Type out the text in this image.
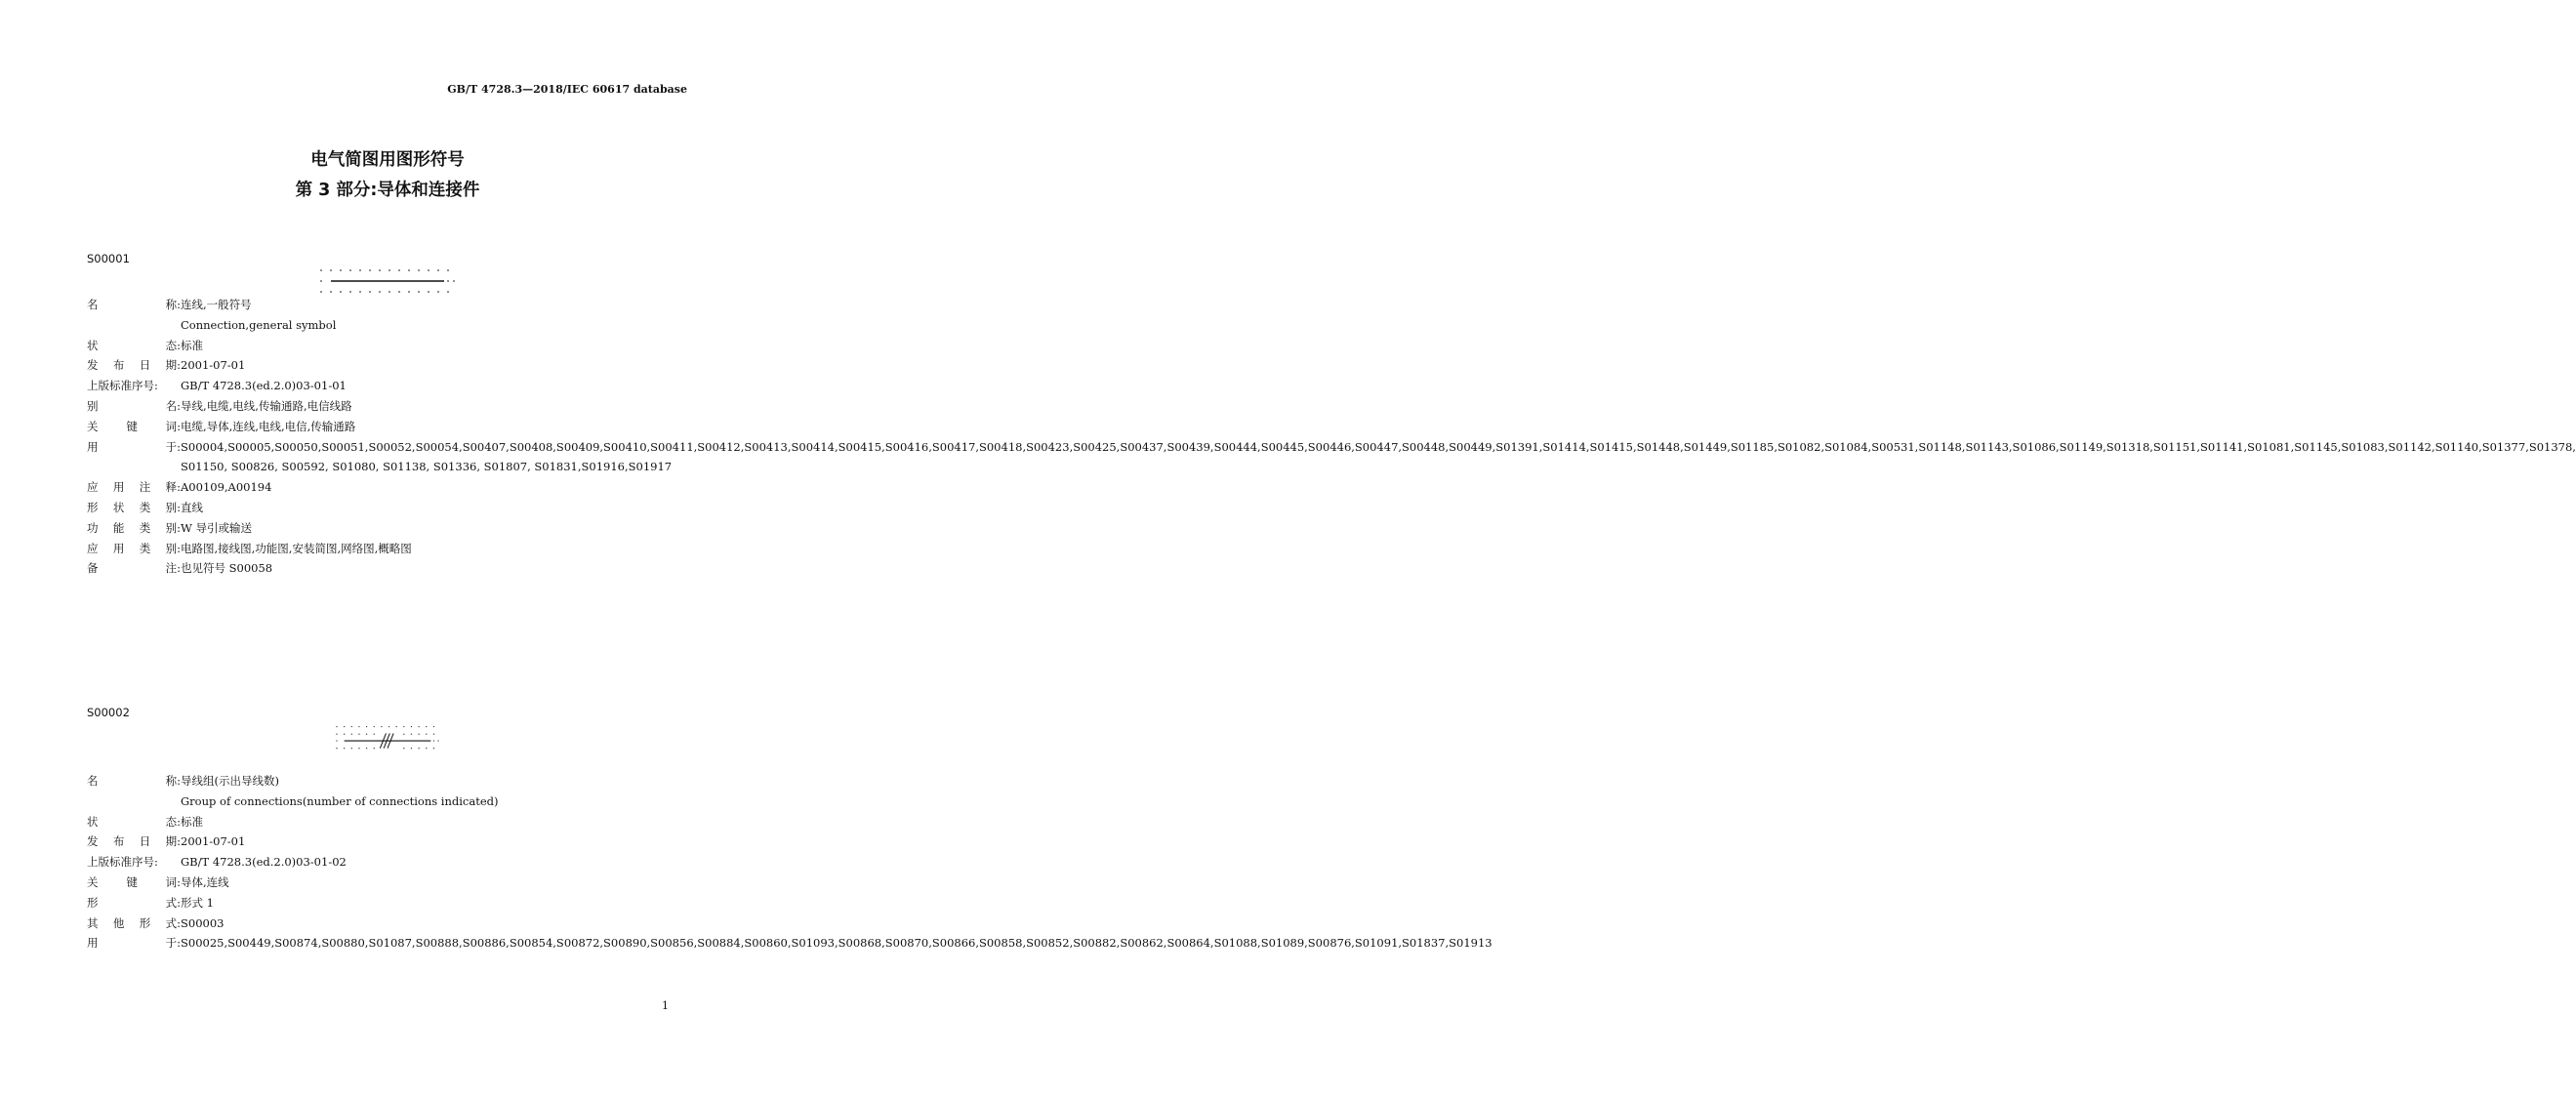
GB/T 4728.3—2018/IEC 60617 database
电气简图用图形符号
第 3 部分:导体和连接件
S00001
名	称: 连线,一般符号
Connection,general symbol
状	态: 标准
发 布 日 期: 2001-07-01
上版标准序号: GB/T 4728.3(ed.2.0)03-01-01
别	名: 导线,电缆,电线,传输通路,电信线路
关	键	词: 电缆,导体,连线,电线,电信,传输通路
用	于: S00004,S00005,S00050,S00051,S00052,S00054,S00407,S00408,S00409,S00410,S00411,S00412,S00413,S00414,S00415,S00416,S00417,S00418,S00423,S00425,S00437,S00439,S00444,S00445,S00446,S00447,S00448,S00449,S01391,S01414,S01415,S01448,S01449,S01185,S01082,S01084,S00531,S01148,S01143,S01086,S01149,S01318,S01151,S01141,S01081,S01145,S01083,S01142,S01140,S01377,S01378, S01150, S00826, S00592, S01080, S01138, S01336, S01807, S01831,S01916,S01917
应 用 注 释: A00109,A00194
形 状 类 别: 直线
功 能 类 别: W 导引或输送
应 用 类 别: 电路图,接线图,功能图,安装简图,网络图,概略图
备	注: 也见符号 S00058
S00002
名	称: 导线组(示出导线数)
Group of connections(number of connections indicated)
状	态: 标准
发 布 日 期: 2001-07-01
上版标准序号: GB/T 4728.3(ed.2.0)03-01-02
关	键	词: 导体,连线
形	式: 形式 1
其 他 形 式: S00003
用	于: S00025,S00449,S00874,S00880,S01087,S00888,S00886,S00854,S00872,S00890,S00856,S00884,S00860,S01093,S00868,S00870,S00866,S00858,S00852,S00882,S00862,S00864,S01088,S01089,S00876,S01091,S01837,S01913
1
